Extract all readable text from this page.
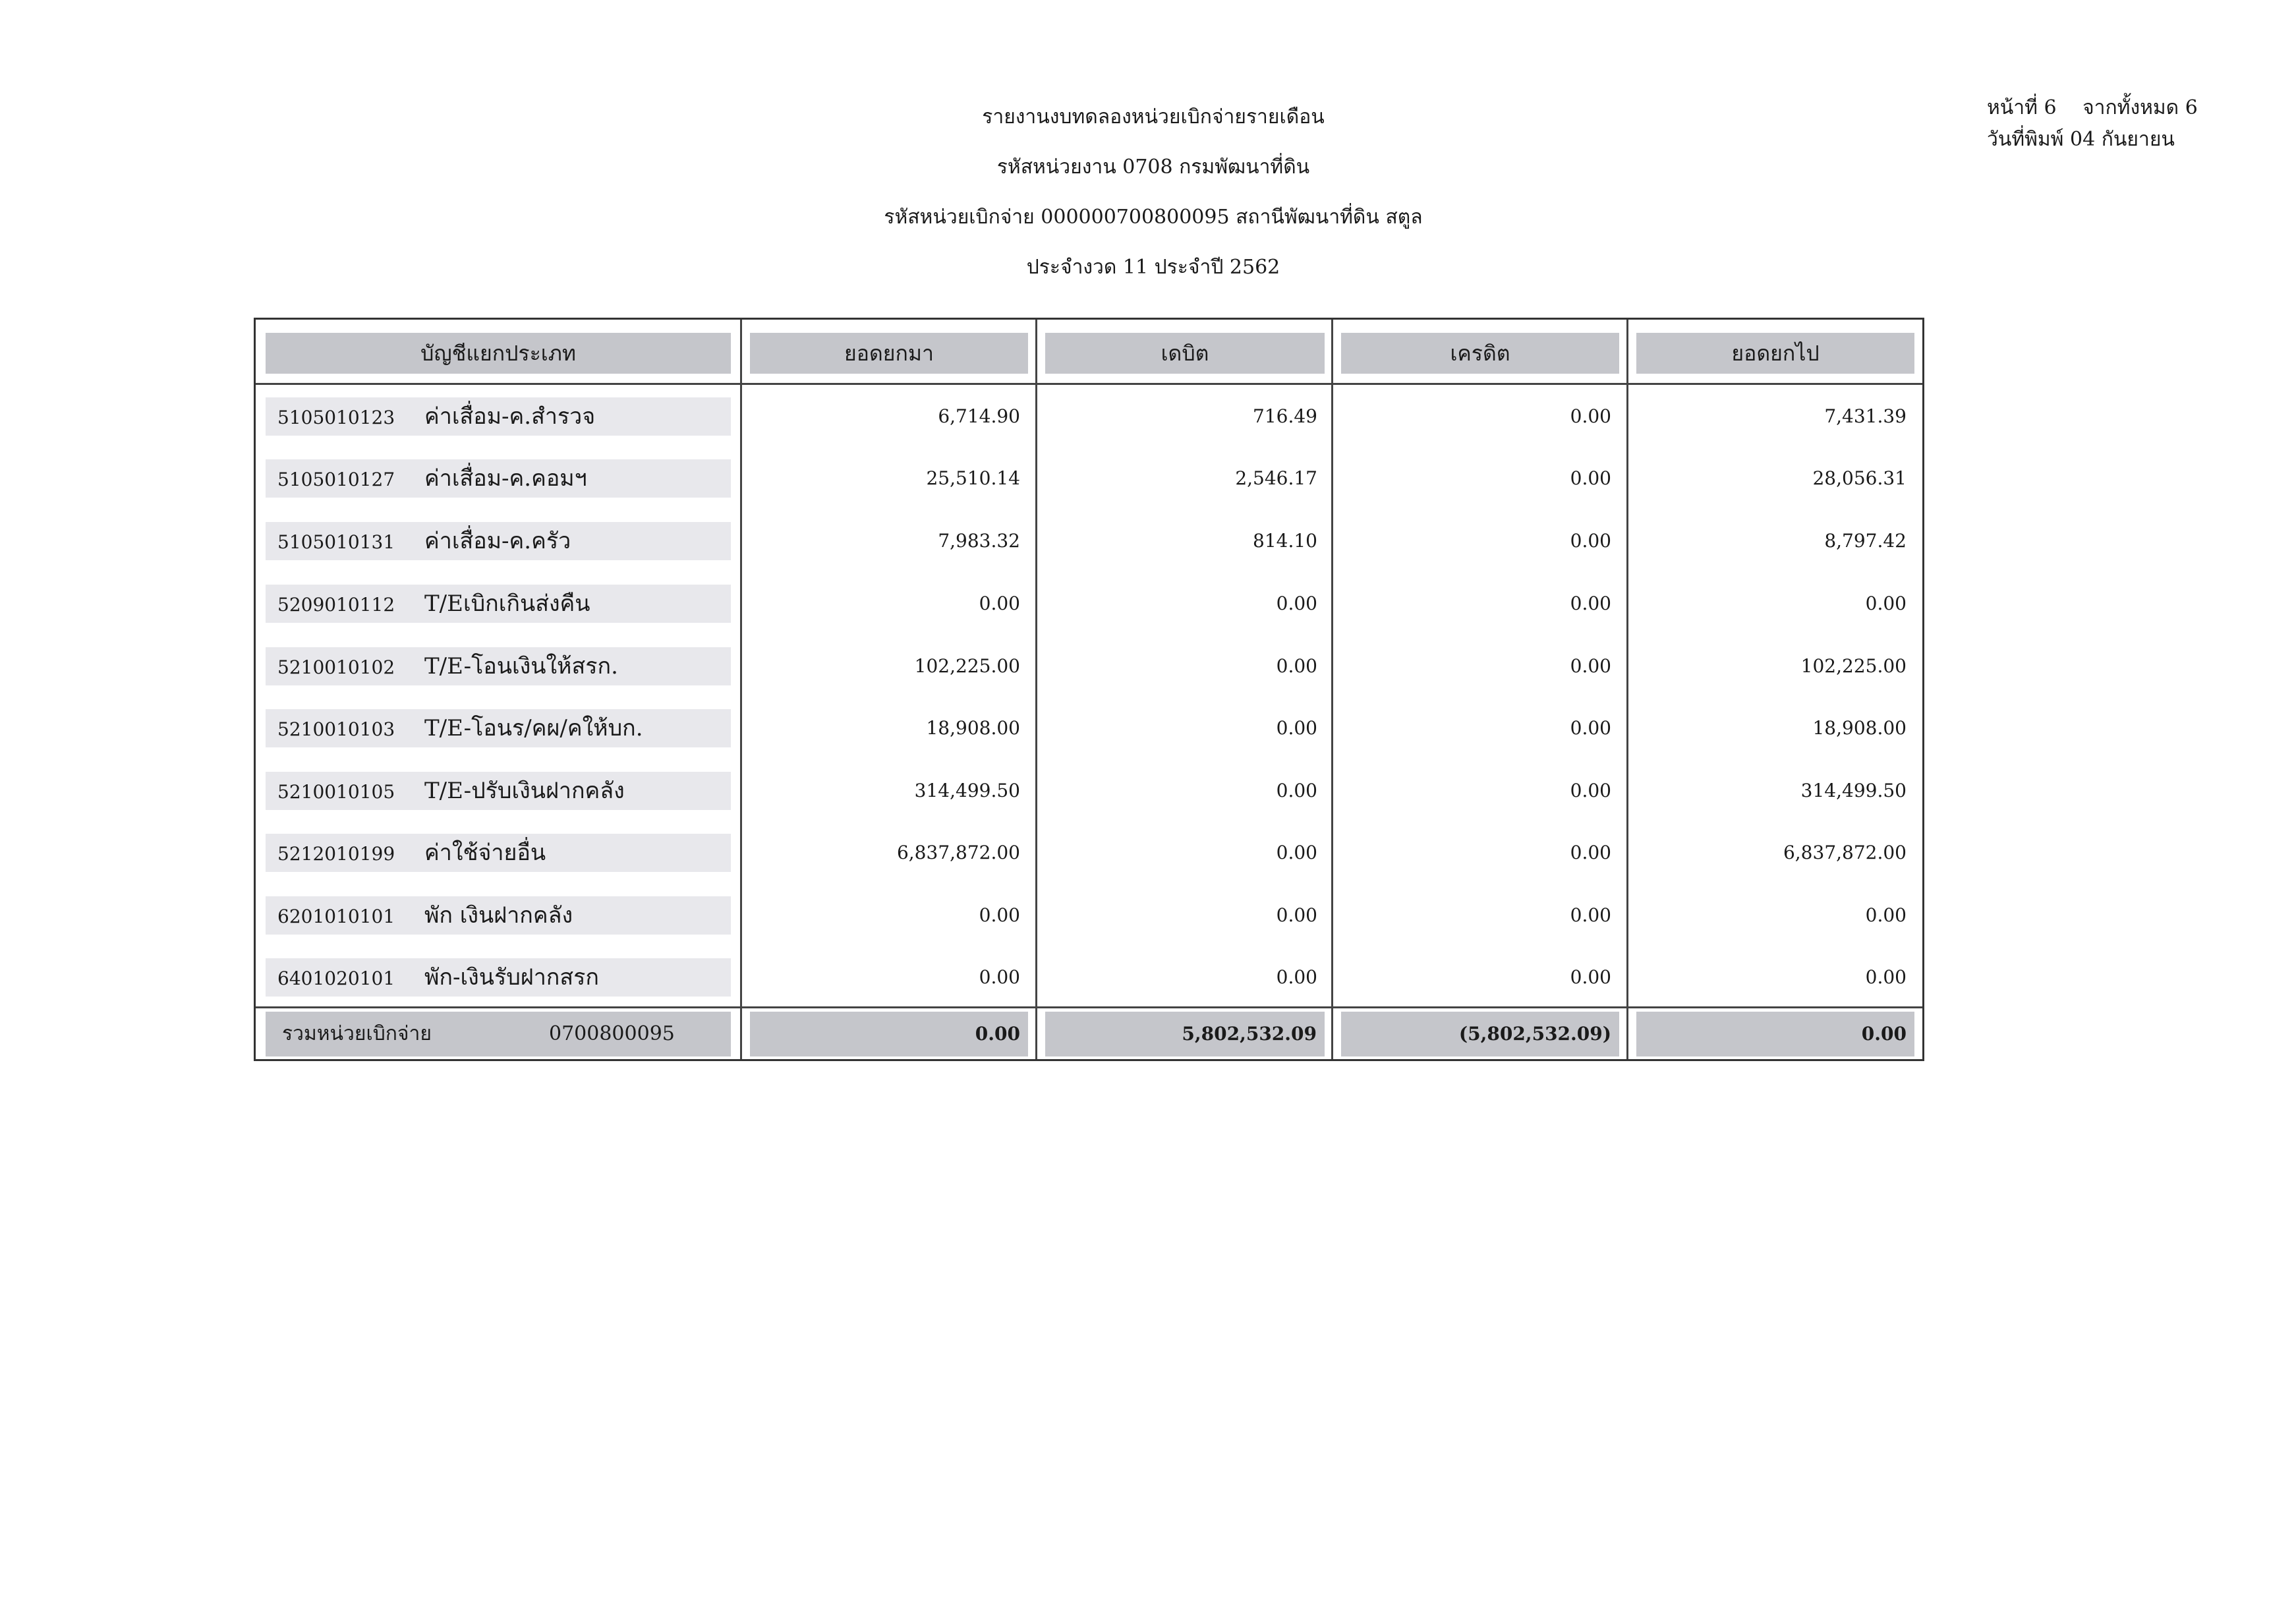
รายงานงบทดลองหน่วยเบิกจ่ายรายเดือน
รหัสหน่วยงาน 0708 กรมพัฒนาที่ดิน
รหัสหน่วยเบิกจ่าย 000000700800095 สถานีพัฒนาที่ดิน สตูล
ประจำงวด 11 ประจำปี 2562
หน้าที่ 6 จากทั้งหมด 6
วันที่พิมพ์ 04 กันยายน
บัญชีแยกประเภท	ยอดยกมา	เดบิต	เครดิต	ยอดยกไป
5105010123 ค่าเสื่อม-ค.สำรวจ	6,714.90	716.49	0.00	7,431.39
5105010127 ค่าเสื่อม-ค.คอมฯ	25,510.14	2,546.17	0.00	28,056.31
5105010131 ค่าเสื่อม-ค.ครัว	7,983.32	814.10	0.00	8,797.42
5209010112 T/Eเบิกเกินส่งคืน	0.00	0.00	0.00	0.00
5210010102 T/E-โอนเงินให้สรก.	102,225.00	0.00	0.00	102,225.00
5210010103 T/E-โอนร/คผ/คให้บก.	18,908.00	0.00	0.00	18,908.00
5210010105 T/E-ปรับเงินฝากคลัง	314,499.50	0.00	0.00	314,499.50
5212010199 ค่าใช้จ่ายอื่น	6,837,872.00	0.00	0.00	6,837,872.00
6201010101 พัก เงินฝากคลัง	0.00	0.00	0.00	0.00
6401020101 พัก-เงินรับฝากสรก	0.00	0.00	0.00	0.00
รวมหน่วยเบิกจ่าย	0700800095	0.00	5,802,532.09	(5,802,532.09)	0.00
